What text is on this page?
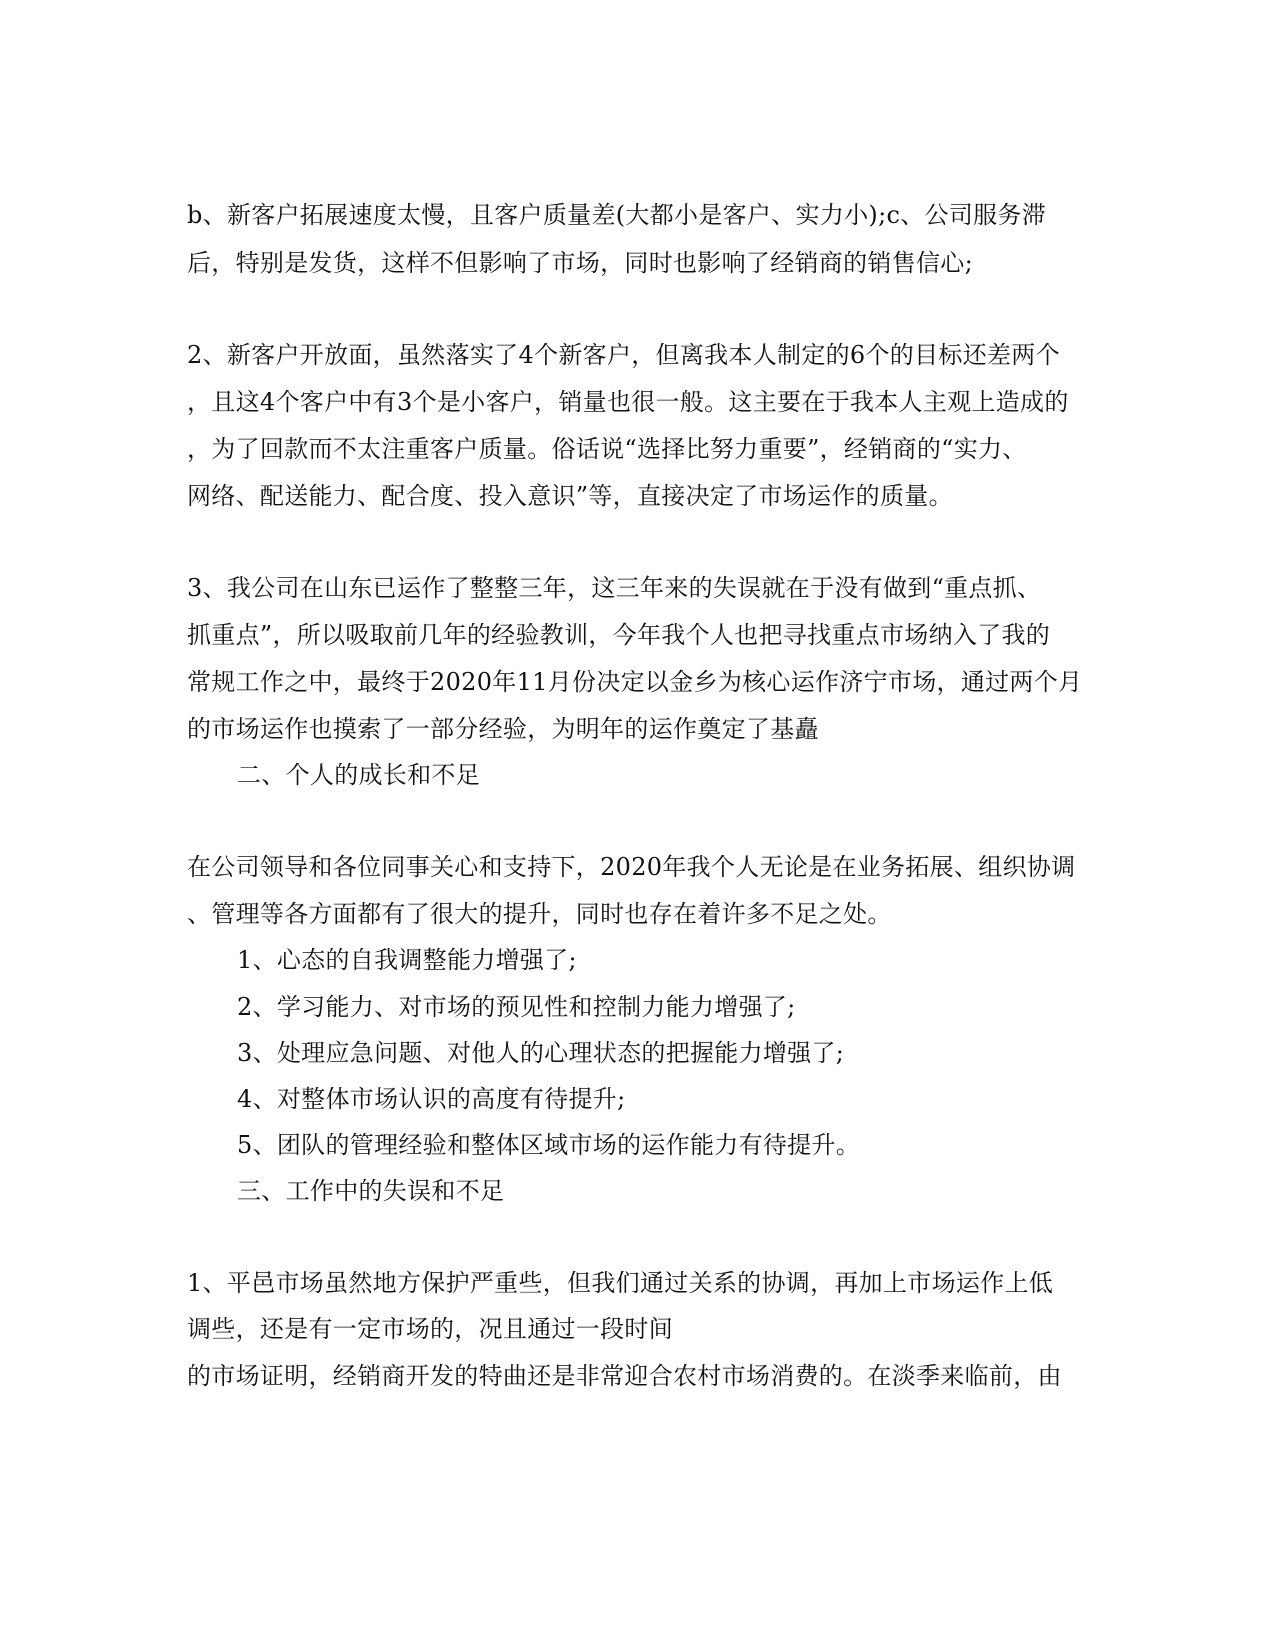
b、新客户拓展速度太慢，且客户质量差(大都小是客户、实力小);c、公司服务滞
后，特别是发货，这样不但影响了市场，同时也影响了经销商的销售信心;
2、新客户开放面，虽然落实了4个新客户，但离我本人制定的6个的目标还差两个
，且这4个客户中有3个是小客户，销量也很一般。这主要在于我本人主观上造成的
，为了回款而不太注重客户质量。俗话说“选择比努力重要”，经销商的“实力、
网络、配送能力、配合度、投入意识”等，直接决定了市场运作的质量。
3、我公司在山东已运作了整整三年，这三年来的失误就在于没有做到“重点抓、
抓重点”，所以吸取前几年的经验教训，今年我个人也把寻找重点市场纳入了我的
常规工作之中，最终于2020年11月份决定以金乡为核心运作济宁市场，通过两个月
的市场运作也摸索了一部分经验，为明年的运作奠定了基矗
二、个人的成长和不足
在公司领导和各位同事关心和支持下，2020年我个人无论是在业务拓展、组织协调
、管理等各方面都有了很大的提升，同时也存在着许多不足之处。
1、心态的自我调整能力增强了;
2、学习能力、对市场的预见性和控制力能力增强了;
3、处理应急问题、对他人的心理状态的把握能力增强了;
4、对整体市场认识的高度有待提升;
5、团队的管理经验和整体区域市场的运作能力有待提升。
三、工作中的失误和不足
1、平邑市场虽然地方保护严重些，但我们通过关系的协调，再加上市场运作上低
调些，还是有一定市场的，况且通过一段时间
的市场证明，经销商开发的特曲还是非常迎合农村市场消费的。在淡季来临前，由
